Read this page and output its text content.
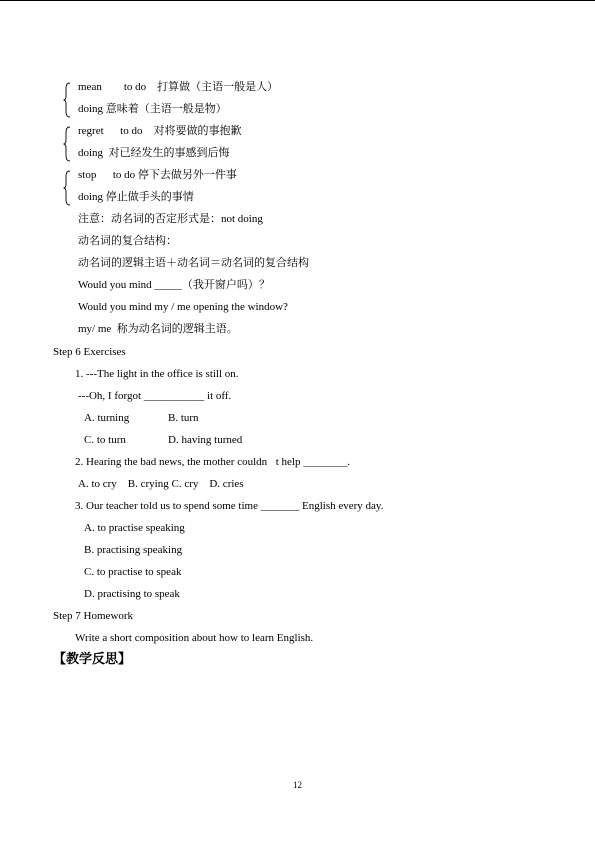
mean        to do    打算做（主语一般是人）
doing 意味着（主语一般是物）
regret      to do    对将要做的事抱歉
doing  对已经发生的事感到后悔
stop      to do 停下去做另外一件事
doing 停止做手头的事情
注意：动名词的否定形式是：not doing
动名词的复合结构：
动名词的逻辑主语＋动名词＝动名词的复合结构
Would you mind _____（我开窗户吗）？
Would you mind my / me opening the window?
my/ me  称为动名词的逻辑主语。
Step 6 Exercises
1. ---The light in the office is still on.
---Oh, I forgot ___________ it off.
A. turning	B. turn
C. to turn	D. having turned
2. Hearing the bad news, the mother couldn t help ________.
A. to cry    B. crying C. cry    D. cries
3. Our teacher told us to spend some time _______ English every day.
A. to practise speaking
B. practising speaking
C. to practise to speak
D. practising to speak
Step 7 Homework
Write a short composition about how to learn English.
【教学反思】
12
